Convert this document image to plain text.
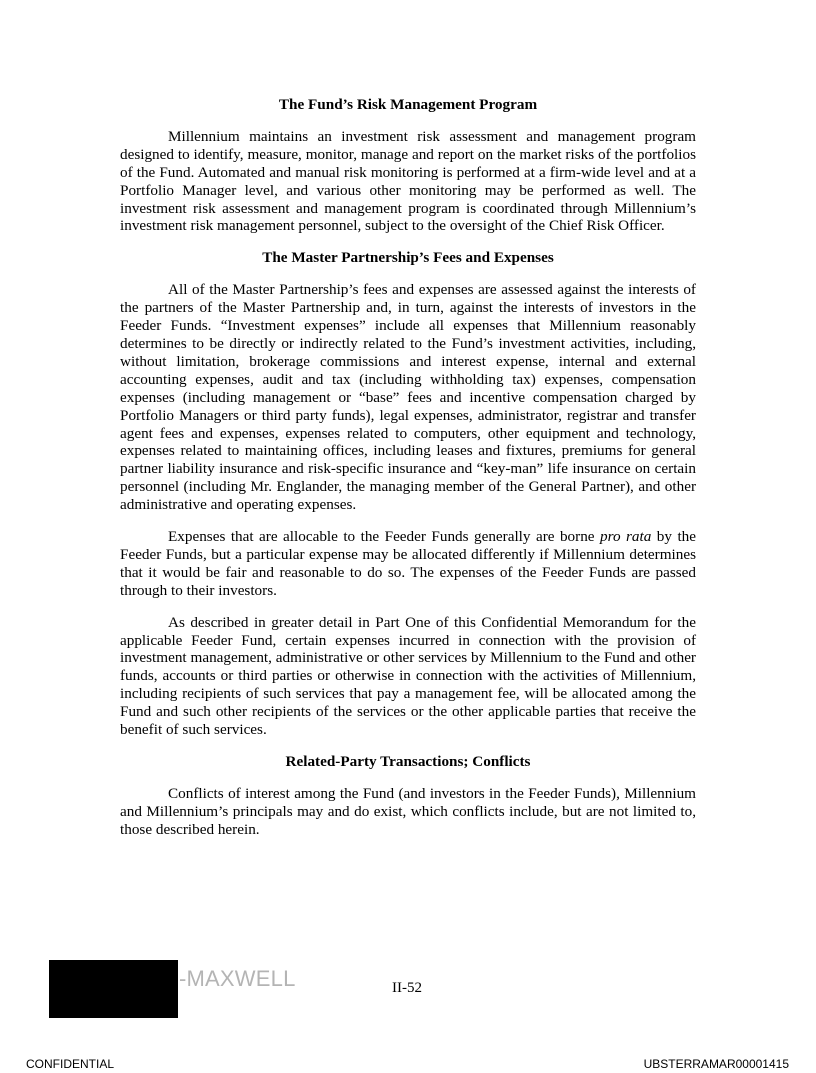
The Fund’s Risk Management Program

Millennium maintains an investment risk assessment and management program designed to identify, measure, monitor, manage and report on the market risks of the portfolios of the Fund. Automated and manual risk monitoring is performed at a firm-wide level and at a Portfolio Manager level, and various other monitoring may be performed as well. The investment risk assessment and management program is coordinated through Millennium’s investment risk management personnel, subject to the oversight of the Chief Risk Officer.

The Master Partnership’s Fees and Expenses

All of the Master Partnership’s fees and expenses are assessed against the interests of the partners of the Master Partnership and, in turn, against the interests of investors in the Feeder Funds. “Investment expenses” include all expenses that Millennium reasonably determines to be directly or indirectly related to the Fund’s investment activities, including, without limitation, brokerage commissions and interest expense, internal and external accounting expenses, audit and tax (including withholding tax) expenses, compensation expenses (including management or “base” fees and incentive compensation charged by Portfolio Managers or third party funds), legal expenses, administrator, registrar and transfer agent fees and expenses, expenses related to computers, other equipment and technology, expenses related to maintaining offices, including leases and fixtures, premiums for general partner liability insurance and risk-specific insurance and “key-man” life insurance on certain personnel (including Mr. Englander, the managing member of the General Partner), and other administrative and operating expenses.

Expenses that are allocable to the Feeder Funds generally are borne pro rata by the Feeder Funds, but a particular expense may be allocated differently if Millennium determines that it would be fair and reasonable to do so. The expenses of the Feeder Funds are passed through to their investors.

As described in greater detail in Part One of this Confidential Memorandum for the applicable Feeder Fund, certain expenses incurred in connection with the provision of investment management, administrative or other services by Millennium to the Fund and other funds, accounts or third parties or otherwise in connection with the activities of Millennium, including recipients of such services that pay a management fee, will be allocated among the Fund and such other recipients of the services or the other applicable parties that receive the benefit of such services.

Related-Party Transactions; Conflicts

Conflicts of interest among the Fund (and investors in the Feeder Funds), Millennium and Millennium’s principals may and do exist, which conflicts include, but are not limited to, those described herein.

-MAXWELL	II-52
CONFIDENTIAL	UBSTERRAMAR00001415
